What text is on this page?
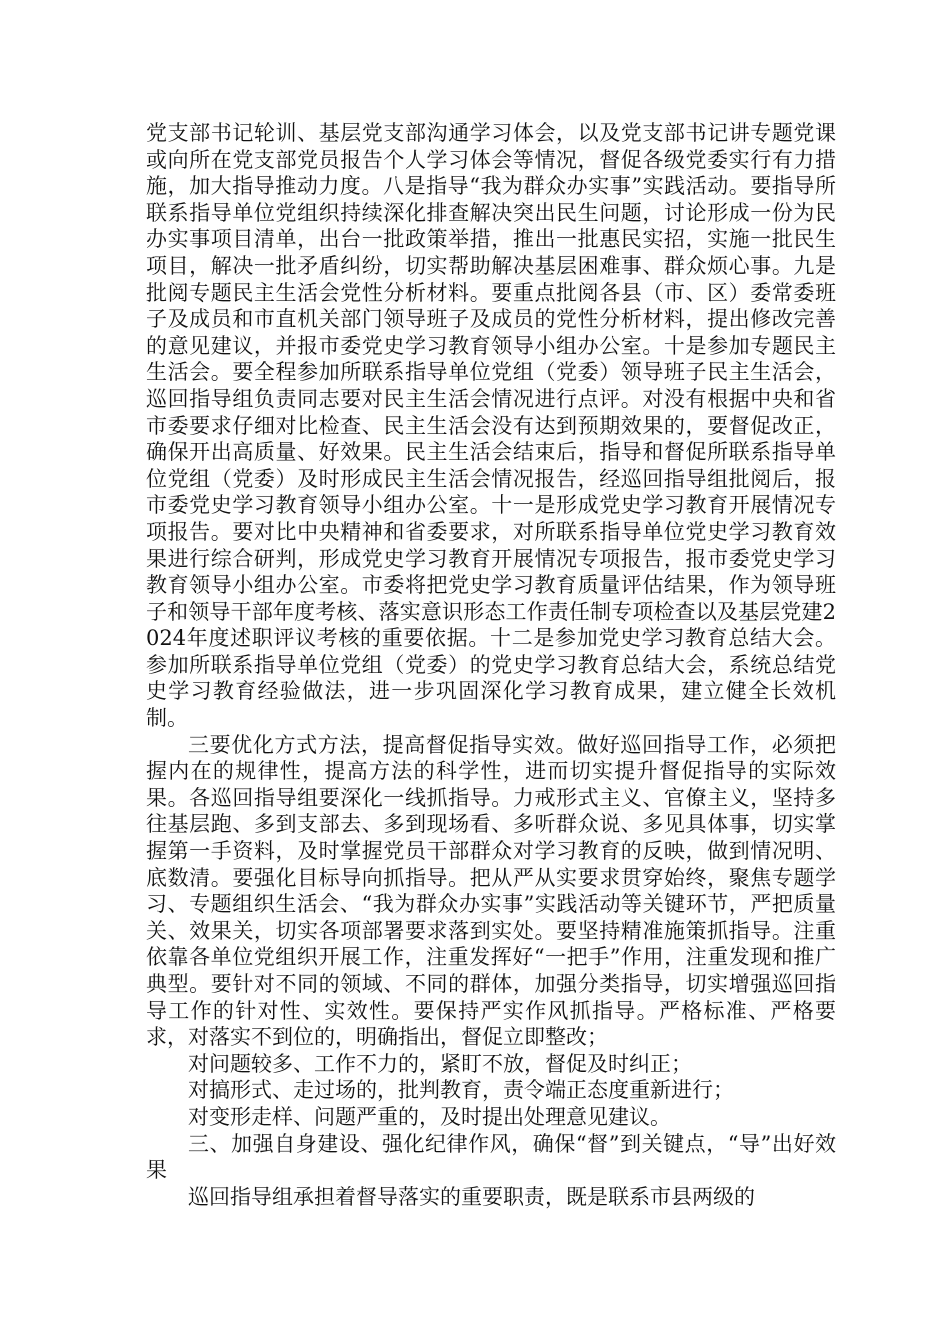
党支部书记轮训、基层党支部沟通学习体会，以及党支部书记讲专题党课或向所在党支部党员报告个人学习体会等情况，督促各级党委实行有力措施，加大指导推动力度。八是指导“我为群众办实事”实践活动。要指导所联系指导单位党组织持续深化排查解决突出民生问题，讨论形成一份为民办实事项目清单，出台一批政策举措，推出一批惠民实招，实施一批民生项目，解决一批矛盾纠纷，切实帮助解决基层困难事、群众烦心事。九是批阅专题民主生活会党性分析材料。要重点批阅各县（市、区）委常委班子及成员和市直机关部门领导班子及成员的党性分析材料，提出修改完善的意见建议，并报市委党史学习教育领导小组办公室。十是参加专题民主生活会。要全程参加所联系指导单位党组（党委）领导班子民主生活会，巡回指导组负责同志要对民主生活会情况进行点评。对没有根据中央和省市委要求仔细对比检查、民主生活会没有达到预期效果的，要督促改正，确保开出高质量、好效果。民主生活会结束后，指导和督促所联系指导单位党组（党委）及时形成民主生活会情况报告，经巡回指导组批阅后，报市委党史学习教育领导小组办公室。十一是形成党史学习教育开展情况专项报告。要对比中央精神和省委要求，对所联系指导单位党史学习教育效果进行综合研判，形成党史学习教育开展情况专项报告，报市委党史学习教育领导小组办公室。市委将把党史学习教育质量评估结果，作为领导班子和领导干部年度考核、落实意识形态工作责任制专项检查以及基层党建2024年度述职评议考核的重要依据。十二是参加党史学习教育总结大会。参加所联系指导单位党组（党委）的党史学习教育总结大会，系统总结党史学习教育经验做法，进一步巩固深化学习教育成果，建立健全长效机制。

三要优化方式方法，提高督促指导实效。做好巡回指导工作，必须把握内在的规律性，提高方法的科学性，进而切实提升督促指导的实际效果。各巡回指导组要深化一线抓指导。力戒形式主义、官僚主义，坚持多往基层跑、多到支部去、多到现场看、多听群众说、多见具体事，切实掌握第一手资料，及时掌握党员干部群众对学习教育的反映，做到情况明、底数清。要强化目标导向抓指导。把从严从实要求贯穿始终，聚焦专题学习、专题组织生活会、“我为群众办实事”实践活动等关键环节，严把质量关、效果关，切实各项部署要求落到实处。要坚持精准施策抓指导。注重依靠各单位党组织开展工作，注重发挥好“一把手”作用，注重发现和推广典型。要针对不同的领域、不同的群体，加强分类指导，切实增强巡回指导工作的针对性、实效性。要保持严实作风抓指导。严格标准、严格要求，对落实不到位的，明确指出，督促立即整改；

对问题较多、工作不力的，紧盯不放，督促及时纠正；

对搞形式、走过场的，批判教育，责令端正态度重新进行；

对变形走样、问题严重的，及时提出处理意见建议。

三、加强自身建设、强化纪律作风，确保“督”到关键点，“导”出好效果

巡回指导组承担着督导落实的重要职责，既是联系市县两级的
